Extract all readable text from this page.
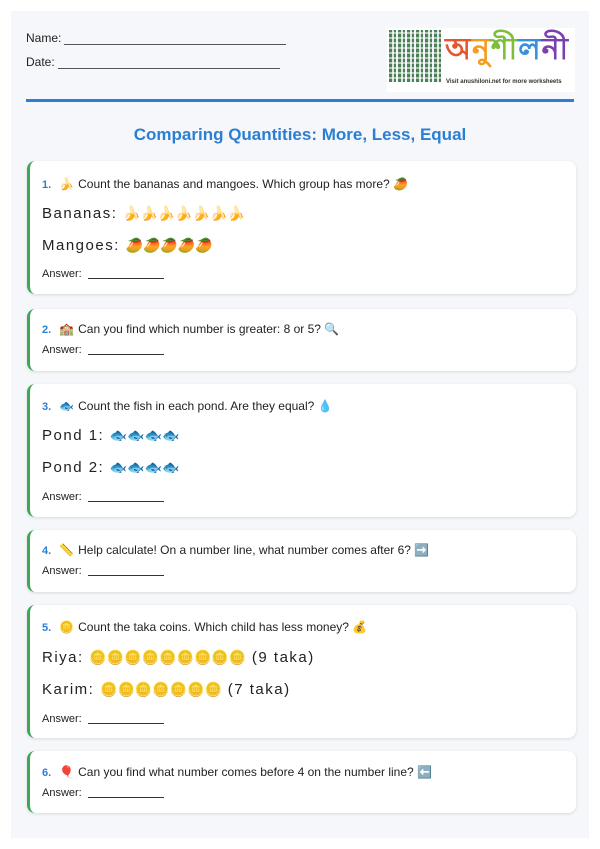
Name:
Date:	অনুশীলনী
Visit anushiloni.net for more worksheets
Comparing Quantities: More, Less, Equal
1. 🍌 Count the bananas and mangoes. Which group has more? 🥭
Bananas: 🍌🍌🍌🍌🍌🍌🍌
Mangoes: 🥭🥭🥭🥭🥭
Answer:
2. 🏫 Can you find which number is greater: 8 or 5? 🔍
Answer:
3. 🐟 Count the fish in each pond. Are they equal? 💧
Pond 1: 🐟🐟🐟🐟
Pond 2: 🐟🐟🐟🐟
Answer:
4. 📏 Help calculate! On a number line, what number comes after 6? ➡️
Answer:
5. 🪙 Count the taka coins. Which child has less money? 💰
Riya: 🪙🪙🪙🪙🪙🪙🪙🪙🪙 (9 taka)
Karim: 🪙🪙🪙🪙🪙🪙🪙 (7 taka)
Answer:
6. 🎈 Can you find what number comes before 4 on the number line? ⬅️
Answer:
